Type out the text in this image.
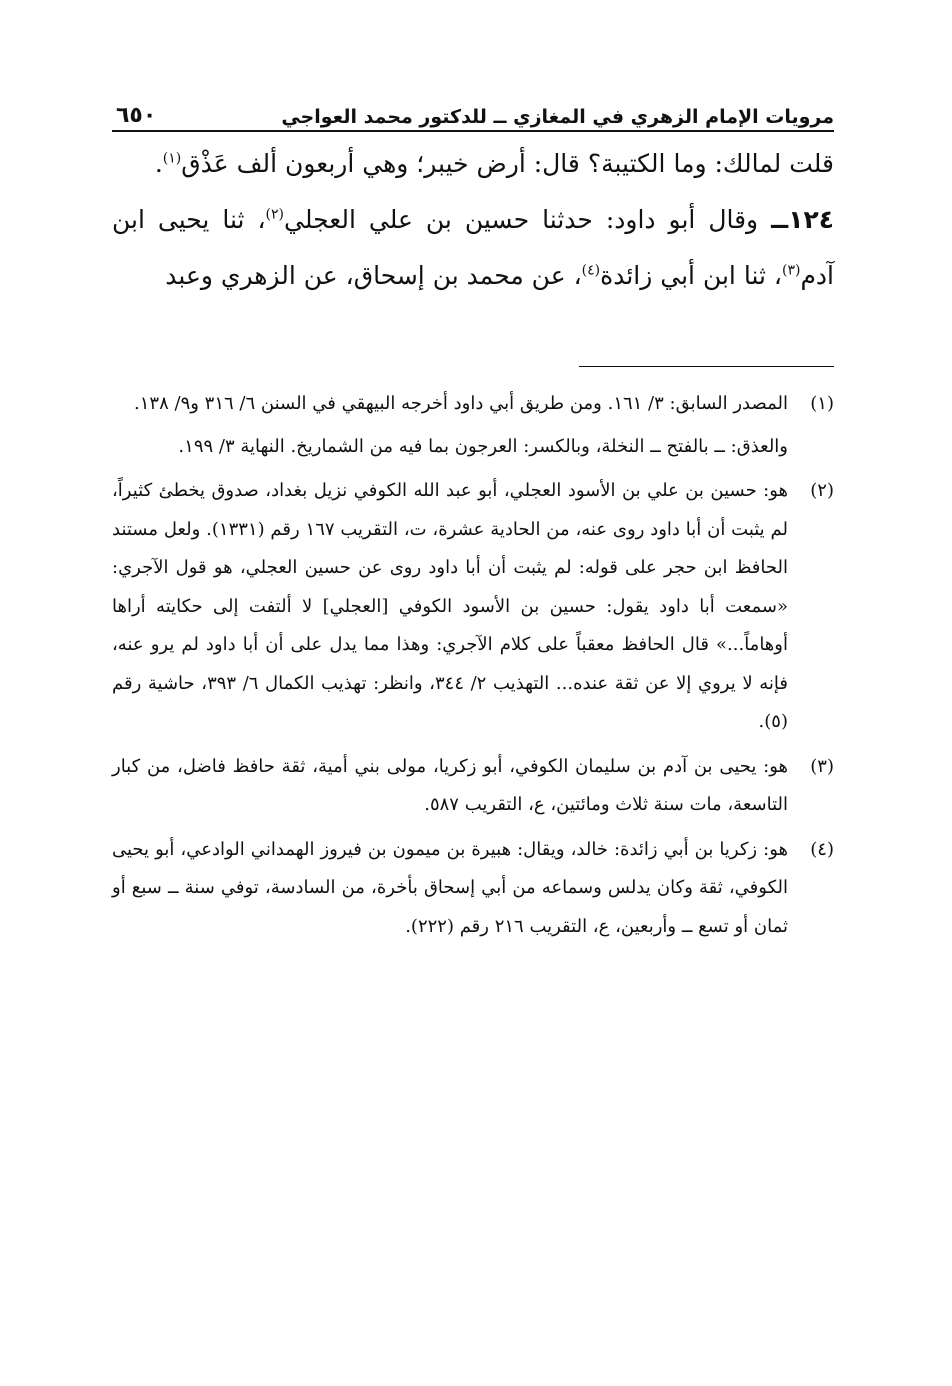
مرويات الإمام الزهري في المغازي ــ للدكتور محمد العواجي
٦٥٠

قلت لمالك: وما الكتيبة؟ قال: أرض خيبر؛ وهي أربعون ألف عَذْق$^{(١)}$.

١٢٤ــ وقال أبو داود: حدثنا حسين بن علي العجلي$^{(٢)}$، ثنا يحيى ابن آدم$^{(٣)}$، ثنا ابن أبي زائدة$^{(٤)}$، عن محمد بن إسحاق، عن الزهري وعبد

(١)

المصدر السابق: ٣/ ١٦١. ومن طريق أبي داود أخرجه البيهقي في السنن ٦/ ٣١٦ و٩/ ١٣٨.

والعذق: ــ بالفتح ــ النخلة، وبالكسر: العرجون بما فيه من الشماريخ. النهاية ٣/ ١٩٩.

(٢)

هو: حسين بن علي بن الأسود العجلي، أبو عبد الله الكوفي نزيل بغداد، صدوق يخطئ كثيراً، لم يثبت أن أبا داود روى عنه، من الحادية عشرة، ت، التقريب ١٦٧ رقم (١٣٣١). ولعل مستند الحافظ ابن حجر على قوله: لم يثبت أن أبا داود روى عن حسين العجلي، هو قول الآجري: «سمعت أبا داود يقول: حسين بن الأسود الكوفي [العجلي] لا ألتفت إلى حكايته أراها أوهاماً...» قال الحافظ معقباً على كلام الآجري: وهذا مما يدل على أن أبا داود لم يرو عنه، فإنه لا يروي إلا عن ثقة عنده... التهذيب ٢/ ٣٤٤، وانظر: تهذيب الكمال ٦/ ٣٩٣، حاشية رقم (٥).

(٣)

هو: يحيى بن آدم بن سليمان الكوفي، أبو زكريا، مولى بني أمية، ثقة حافظ فاضل، من كبار التاسعة، مات سنة ثلاث ومائتين، ع، التقريب ٥٨٧.

(٤)

هو: زكريا بن أبي زائدة: خالد، ويقال: هبيرة بن ميمون بن فيروز الهمداني الوادعي، أبو يحيى الكوفي، ثقة وكان يدلس وسماعه من أبي إسحاق بأخرة، من السادسة، توفي سنة ــ سبع أو ثمان أو تسع ــ وأربعين، ع، التقريب ٢١٦ رقم (٢٢٢).
